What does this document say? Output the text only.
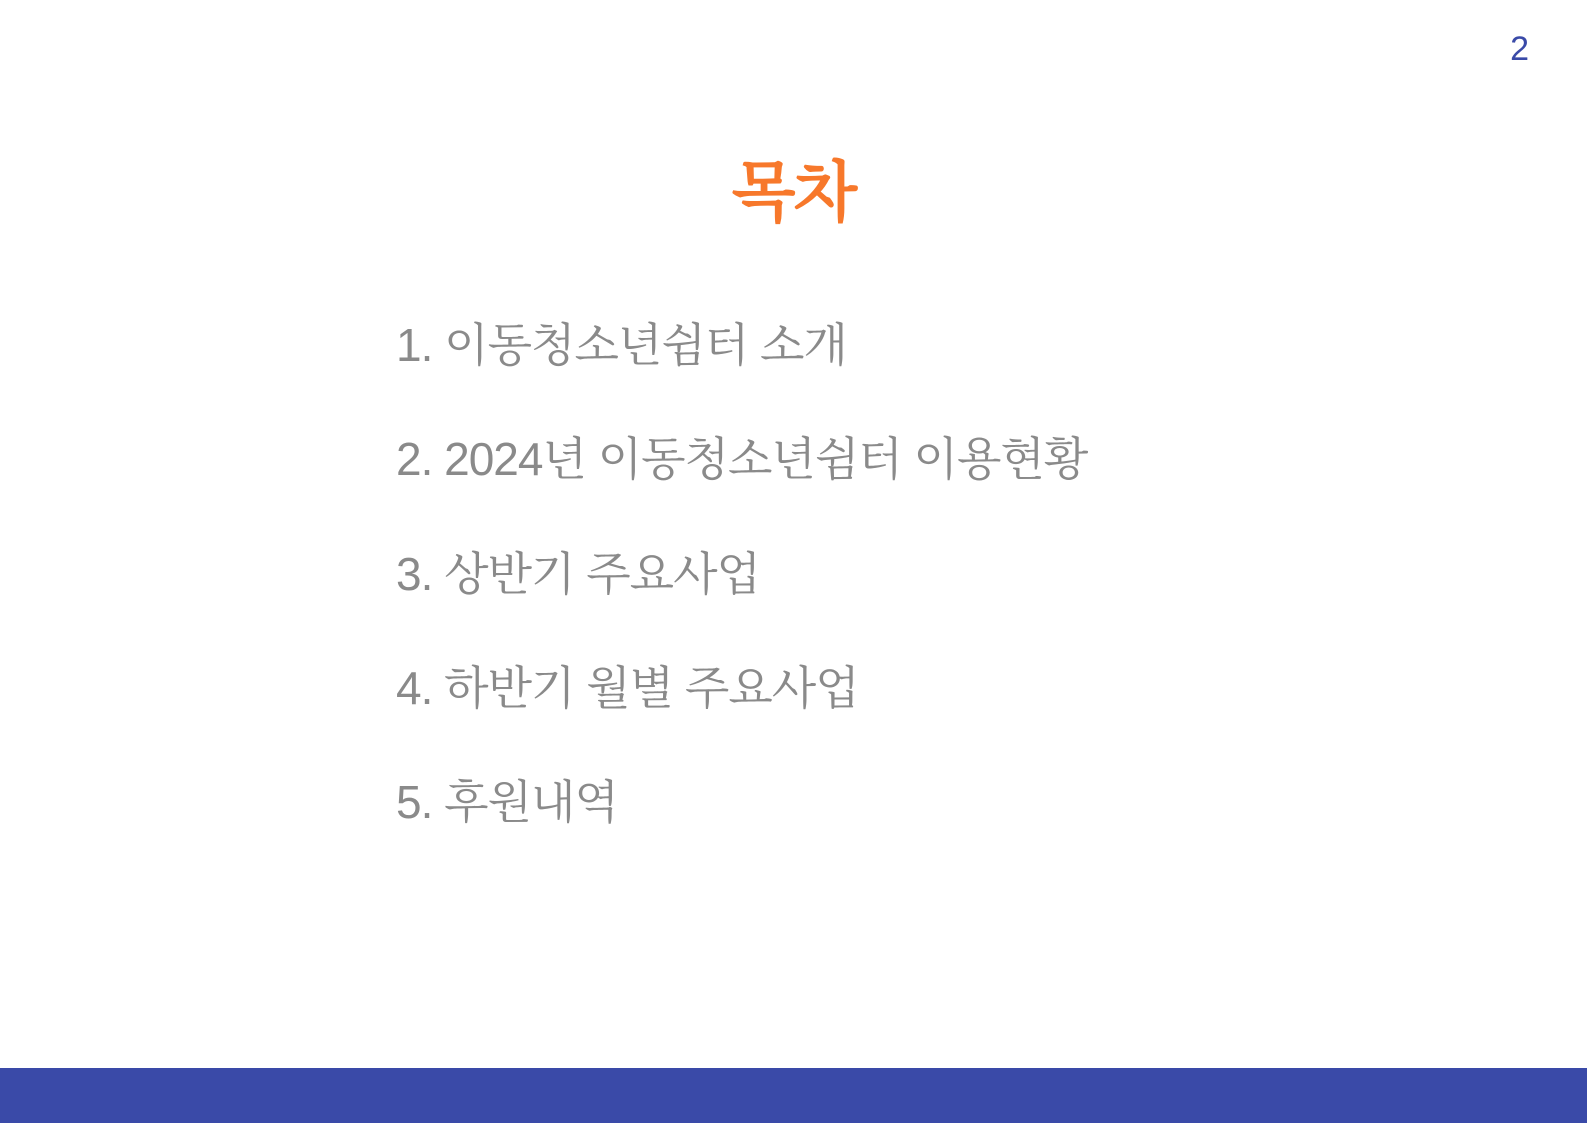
2
목차
1. 이동청소년쉼터 소개
2. 2024년 이동청소년쉼터 이용현황
3. 상반기 주요사업
4. 하반기 월별 주요사업
5. 후원내역
